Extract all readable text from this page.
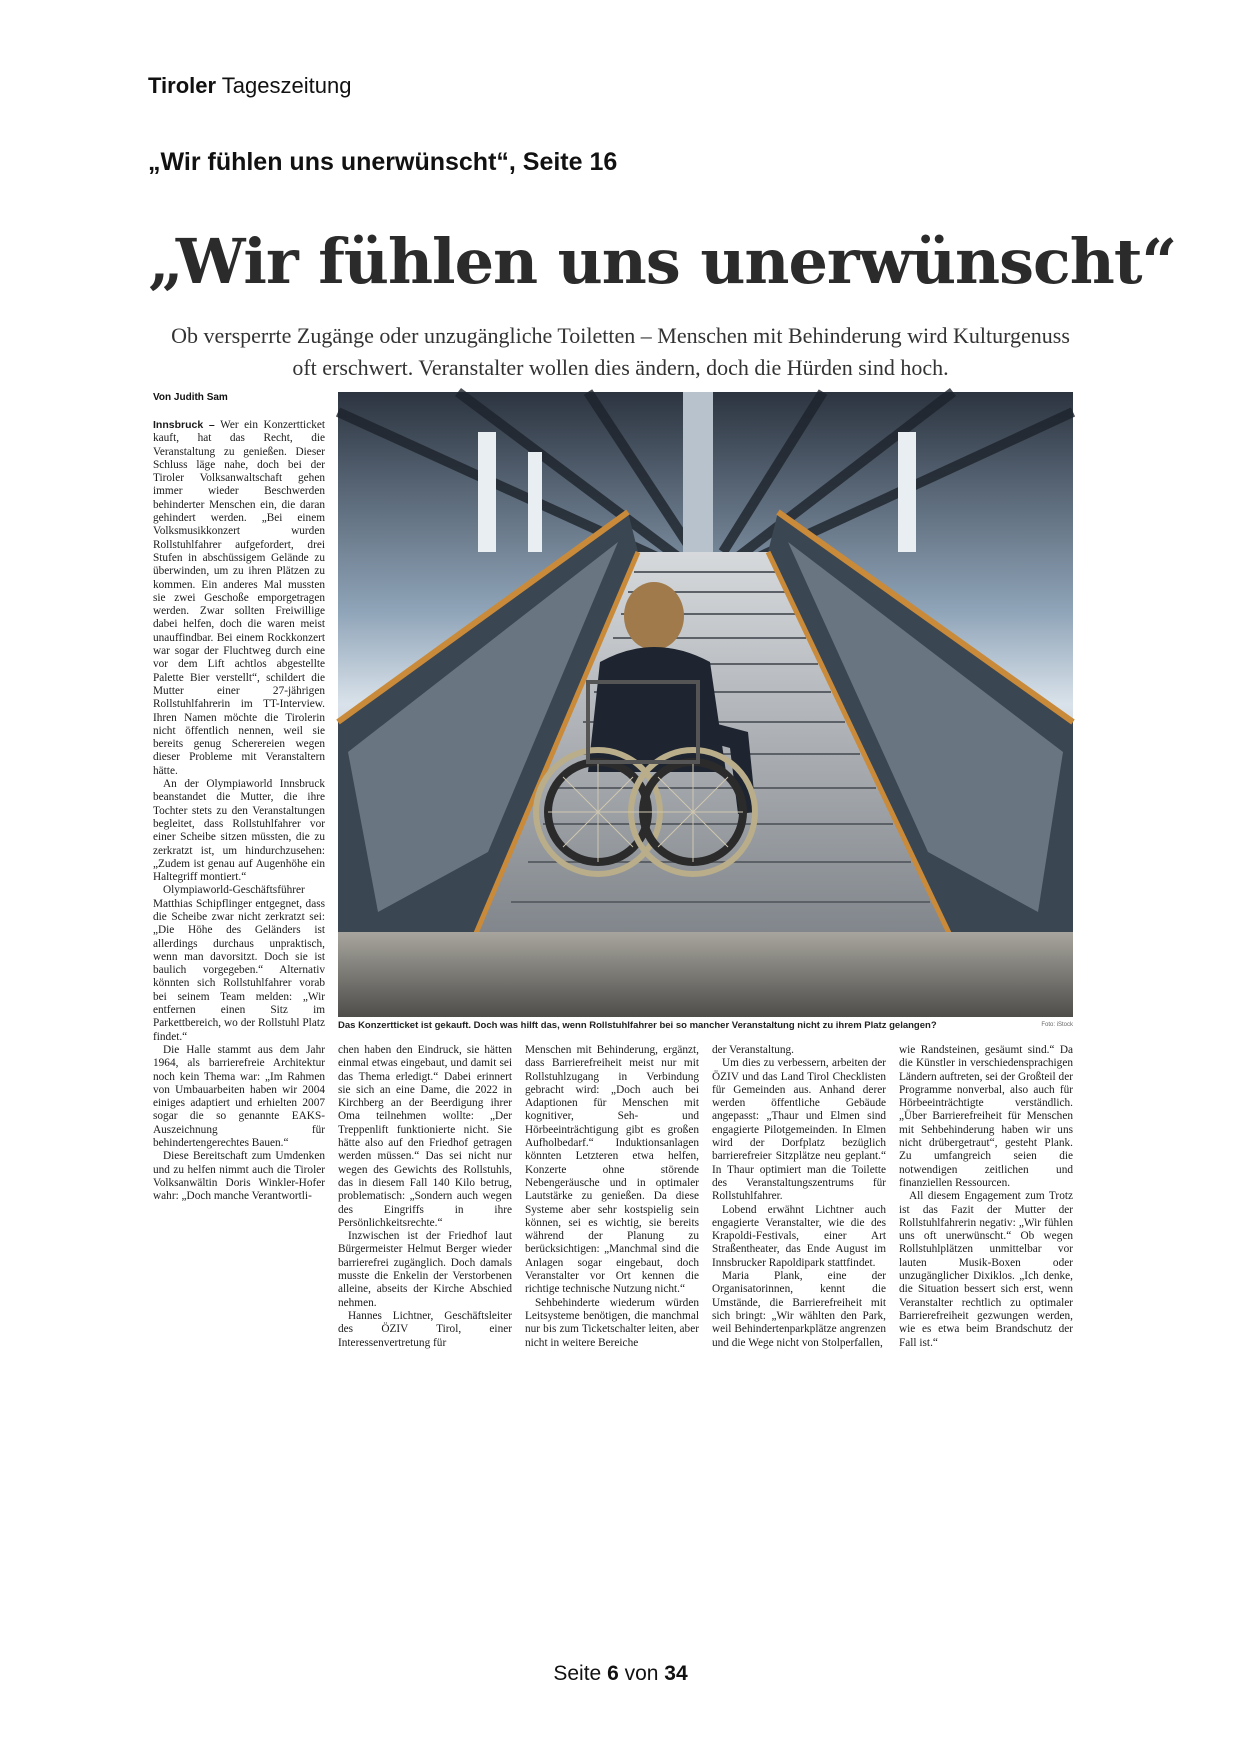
Tiroler Tageszeitung
„Wir fühlen uns unerwünscht“, Seite 16
„Wir fühlen uns unerwünscht“
Ob versperrte Zugänge oder unzugängliche Toiletten – Menschen mit Behinderung wird Kulturgenuss oft erschwert. Veranstalter wollen dies ändern, doch die Hürden sind hoch.
Von Judith Sam

Innsbruck – Wer ein Konzertticket kauft, hat das Recht, die Veranstaltung zu genießen. Dieser Schluss läge nahe, doch bei der Tiroler Volksanwaltschaft gehen immer wieder Beschwerden behinderter Menschen ein, die daran gehindert werden. „Bei einem Volksmusikkonzert wurden Rollstuhlfahrer aufgefordert, drei Stufen in abschüssigem Gelände zu überwinden, um zu ihren Plätzen zu kommen. Ein anderes Mal mussten sie zwei Geschoße emporgetragen werden. Zwar sollten Freiwillige dabei helfen, doch die waren meist unauffindbar. Bei einem Rockkonzert war sogar der Fluchtweg durch eine vor dem Lift achtlos abgestellte Palette Bier verstellt“, schildert die Mutter einer 27-jährigen Rollstuhlfahrerin im TT-Interview. Ihren Namen möchte die Tirolerin nicht öffentlich nennen, weil sie bereits genug Scherereien wegen dieser Probleme mit Veranstaltern hätte.

An der Olympiaworld Innsbruck beanstandet die Mutter, die ihre Tochter stets zu den Veranstaltungen begleitet, dass Rollstuhlfahrer vor einer Scheibe sitzen müssten, die zu zerkratzt ist, um hindurchzusehen: „Zudem ist genau auf Augenhöhe ein Haltegriff montiert.“

Olympiaworld-Geschäftsführer Matthias Schipflinger entgegnet, dass die Scheibe zwar nicht zerkratzt sei: „Die Höhe des Geländers ist allerdings durchaus unpraktisch, wenn man davorsitzt. Doch sie ist baulich vorgegeben.“ Alternativ könnten sich Rollstuhlfahrer vorab bei seinem Team melden: „Wir entfernen einen Sitz im Parkettbereich, wo der Rollstuhl Platz findet.“

Die Halle stammt aus dem Jahr 1964, als barrierefreie Architektur noch kein Thema war: „Im Rahmen von Umbauarbeiten haben wir 2004 einiges adaptiert und erhielten 2007 sogar die so genannte EAKS-Auszeichnung für behindertengerechtes Bauen.“

Diese Bereitschaft zum Umdenken und zu helfen nimmt auch die Tiroler Volksanwältin Doris Winkler-Hofer wahr: „Doch manche Verantwortli-

Das Konzertticket ist gekauft. Doch was hilft das, wenn Rollstuhlfahrer bei so mancher Veranstaltung nicht zu ihrem Platz gelangen?	Foto: iStock

chen haben den Eindruck, sie hätten einmal etwas eingebaut, und damit sei das Thema erledigt.“ Dabei erinnert sie sich an eine Dame, die 2022 in Kirchberg an der Beerdigung ihrer Oma teilnehmen wollte: „Der Treppenlift funktionierte nicht. Sie hätte also auf den Friedhof getragen werden müssen.“ Das sei nicht nur wegen des Gewichts des Rollstuhls, das in diesem Fall 140 Kilo betrug, problematisch: „Sondern auch wegen des Eingriffs in ihre Persönlichkeitsrechte.“

Inzwischen ist der Friedhof laut Bürgermeister Helmut Berger wieder barrierefrei zugänglich. Doch damals musste die Enkelin der Verstorbenen alleine, abseits der Kirche Abschied nehmen.

Hannes Lichtner, Geschäftsleiter des ÖZIV Tirol, einer Interessenvertretung für

Menschen mit Behinderung, ergänzt, dass Barrierefreiheit meist nur mit Rollstuhlzugang in Verbindung gebracht wird: „Doch auch bei Adaptionen für Menschen mit kognitiver, Seh- und Hörbeeinträchtigung gibt es großen Aufholbedarf.“ Induktionsanlagen könnten Letzteren etwa helfen, Konzerte ohne störende Nebengeräusche und in optimaler Lautstärke zu genießen. Da diese Systeme aber sehr kostspielig sein können, sei es wichtig, sie bereits während der Planung zu berücksichtigen: „Manchmal sind die Anlagen sogar eingebaut, doch Veranstalter vor Ort kennen die richtige technische Nutzung nicht.“

Sehbehinderte wiederum würden Leitsysteme benötigen, die manchmal nur bis zum Ticketschalter leiten, aber nicht in weitere Bereiche

der Veranstaltung.

Um dies zu verbessern, arbeiten der ÖZIV und das Land Tirol Checklisten für Gemeinden aus. Anhand derer werden öffentliche Gebäude angepasst: „Thaur und Elmen sind engagierte Pilotgemeinden. In Elmen wird der Dorfplatz bezüglich barrierefreier Sitzplätze neu geplant.“ In Thaur optimiert man die Toilette des Veranstaltungszentrums für Rollstuhlfahrer.

Lobend erwähnt Lichtner auch engagierte Veranstalter, wie die des Krapoldi-Festivals, einer Art Straßentheater, das Ende August im Innsbrucker Rapoldipark stattfindet.

Maria Plank, eine der Organisatorinnen, kennt die Umstände, die Barrierefreiheit mit sich bringt: „Wir wählten den Park, weil Behindertenparkplätze angrenzen und die Wege nicht von Stolperfallen,

wie Randsteinen, gesäumt sind.“ Da die Künstler in verschiedensprachigen Ländern auftreten, sei der Großteil der Programme nonverbal, also auch für Hörbeeinträchtigte verständlich. „Über Barrierefreiheit für Menschen mit Sehbehinderung haben wir uns nicht drübergetraut“, gesteht Plank. Zu umfangreich seien die notwendigen zeitlichen und finanziellen Ressourcen.

All diesem Engagement zum Trotz ist das Fazit der Mutter der Rollstuhlfahrerin negativ: „Wir fühlen uns oft unerwünscht.“ Ob wegen Rollstuhlplätzen unmittelbar vor lauten Musik-Boxen oder unzugänglicher Dixiklos. „Ich denke, die Situation bessert sich erst, wenn Veranstalter rechtlich zu optimaler Barrierefreiheit gezwungen werden, wie es etwa beim Brandschutz der Fall ist.“

Seite 6 von 34
